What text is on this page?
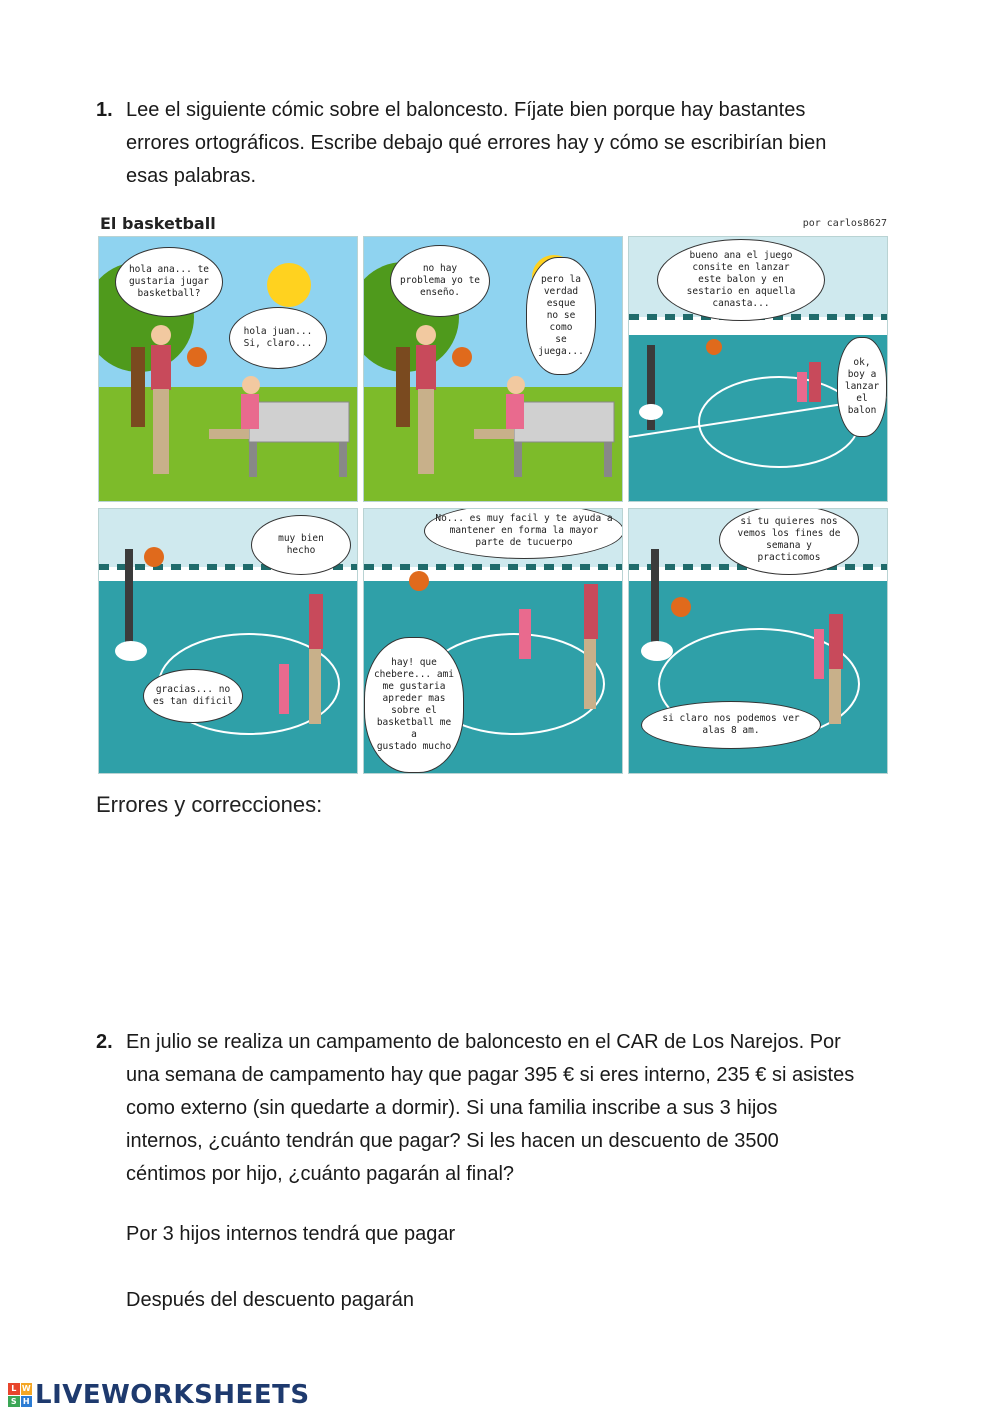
1. Lee el siguiente cómic sobre el baloncesto. Fíjate bien porque hay bastantes
errores ortográficos. Escribe debajo qué errores hay y cómo se escribirían bien
esas palabras.
El basketball	por carlos8627
hola ana... te
gustaria jugar
basketball?
hola juan...
Si, claro...
no hay
problema yo te
enseño.
pero la
verdad
esque
no se
como
se
juega...
bueno ana el juego
consite en lanzar
este balon y en
sestario en aquella
canasta...
ok,
boy a
lanzar
el
balon
muy bien
hecho
gracias... no
es tan dificil
No... es muy facil y te ayuda a
mantener en forma la mayor
parte de tucuerpo
hay! que
chebere... ami
me gustaria
apreder mas
sobre el
basketball me a
gustado mucho
si tu quieres nos
vemos los fines de
semana y
practicomos
si claro nos podemos ver
alas 8 am.
Errores y correcciones:
2. En julio se realiza un campamento de baloncesto en el CAR de Los Narejos. Por
una semana de campamento hay que pagar 395 € si eres interno, 235 € si asistes
como externo (sin quedarte a dormir). Si una familia inscribe a sus 3 hijos
internos, ¿cuánto tendrán que pagar? Si les hacen un descuento de 3500
céntimos por hijo, ¿cuánto pagarán al final?
Por 3 hijos internos tendrá que pagar
Después del descuento pagarán
L W
S H LIVEWORKSHEETS
